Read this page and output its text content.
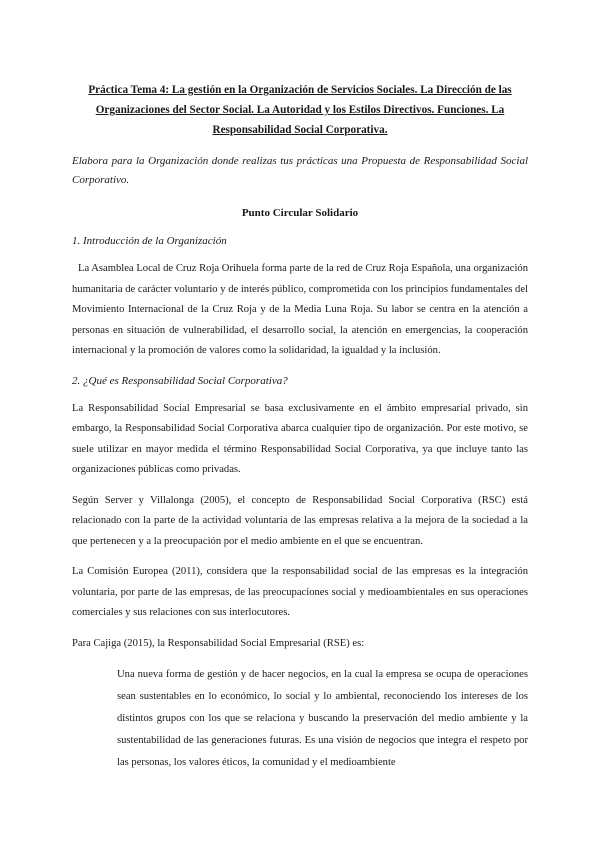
Práctica Tema 4: La gestión en la Organización de Servicios Sociales. La Dirección de las Organizaciones del Sector Social. La Autoridad y los Estilos Directivos. Funciones. La Responsabilidad Social Corporativa.
Elabora para la Organización donde realizas tus prácticas una Propuesta de Responsabilidad Social Corporativo.
Punto Circular Solidario
1. Introducción de la Organización

La Asamblea Local de Cruz Roja Orihuela forma parte de la red de Cruz Roja Española, una organización humanitaria de carácter voluntario y de interés público, comprometida con los principios fundamentales del Movimiento Internacional de la Cruz Roja y de la Media Luna Roja. Su labor se centra en la atención a personas en situación de vulnerabilidad, el desarrollo social, la atención en emergencias, la cooperación internacional y la promoción de valores como la solidaridad, la igualdad y la inclusión.

2. ¿Qué es Responsabilidad Social Corporativa?

La Responsabilidad Social Empresarial se basa exclusivamente en el ámbito empresarial privado, sin embargo, la Responsabilidad Social Corporativa abarca cualquier tipo de organización. Por este motivo, se suele utilizar en mayor medida el término Responsabilidad Social Corporativa, ya que incluye tanto las organizaciones públicas como privadas.

Según Server y Villalonga (2005), el concepto de Responsabilidad Social Corporativa (RSC) está relacionado con la parte de la actividad voluntaria de las empresas relativa a la mejora de la sociedad a la que pertenecen y a la preocupación por el medio ambiente en el que se encuentran.

La Comisión Europea (2011), considera que la responsabilidad social de las empresas es la integración voluntaria, por parte de las empresas, de las preocupaciones social y medioambientales en sus operaciones comerciales y sus relaciones con sus interlocutores.

Para Cajiga (2015), la Responsabilidad Social Empresarial (RSE) es:

Una nueva forma de gestión y de hacer negocios, en la cual la empresa se ocupa de operaciones sean sustentables en lo económico, lo social y lo ambiental, reconociendo los intereses de los distintos grupos con los que se relaciona y buscando la preservación del medio ambiente y la sustentabilidad de las generaciones futuras. Es una visión de negocios que integra el respeto por las personas, los valores éticos, la comunidad y el medioambiente
